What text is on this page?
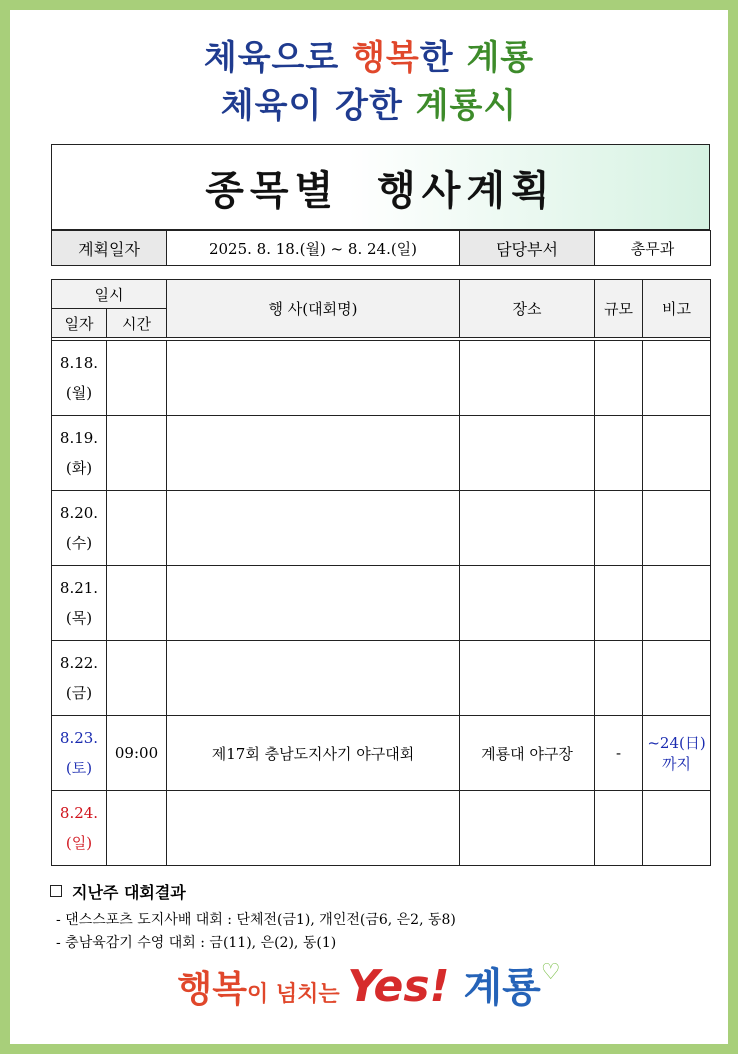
체육으로 행복한 계룡
체육이 강한 계룡시
종목별 행사계획
계획일자	2025. 8. 18.(월) ~ 8. 24.(일)	담당부서	총무과
일시		행 사(대회명)	장소	규모	비고
일자	시간				

8.18.
(월)					

8.19.
(화)					

8.20.
(수)					

8.21.
(목)					

8.22.
(금)					

8.23.
(토)	09:00	제17회 충남도지사기 야구대회	계룡대 야구장	-	~24(日)까지

8.24.
(일)					

지난주 대회결과
- 댄스스포츠 도지사배 대회 : 단체전(금1), 개인전(금6, 은2, 동8)
- 충남육감기 수영 대회 : 금(11), 은(2), 동(1)
행복이 넘치는 Yes! 계룡♡
